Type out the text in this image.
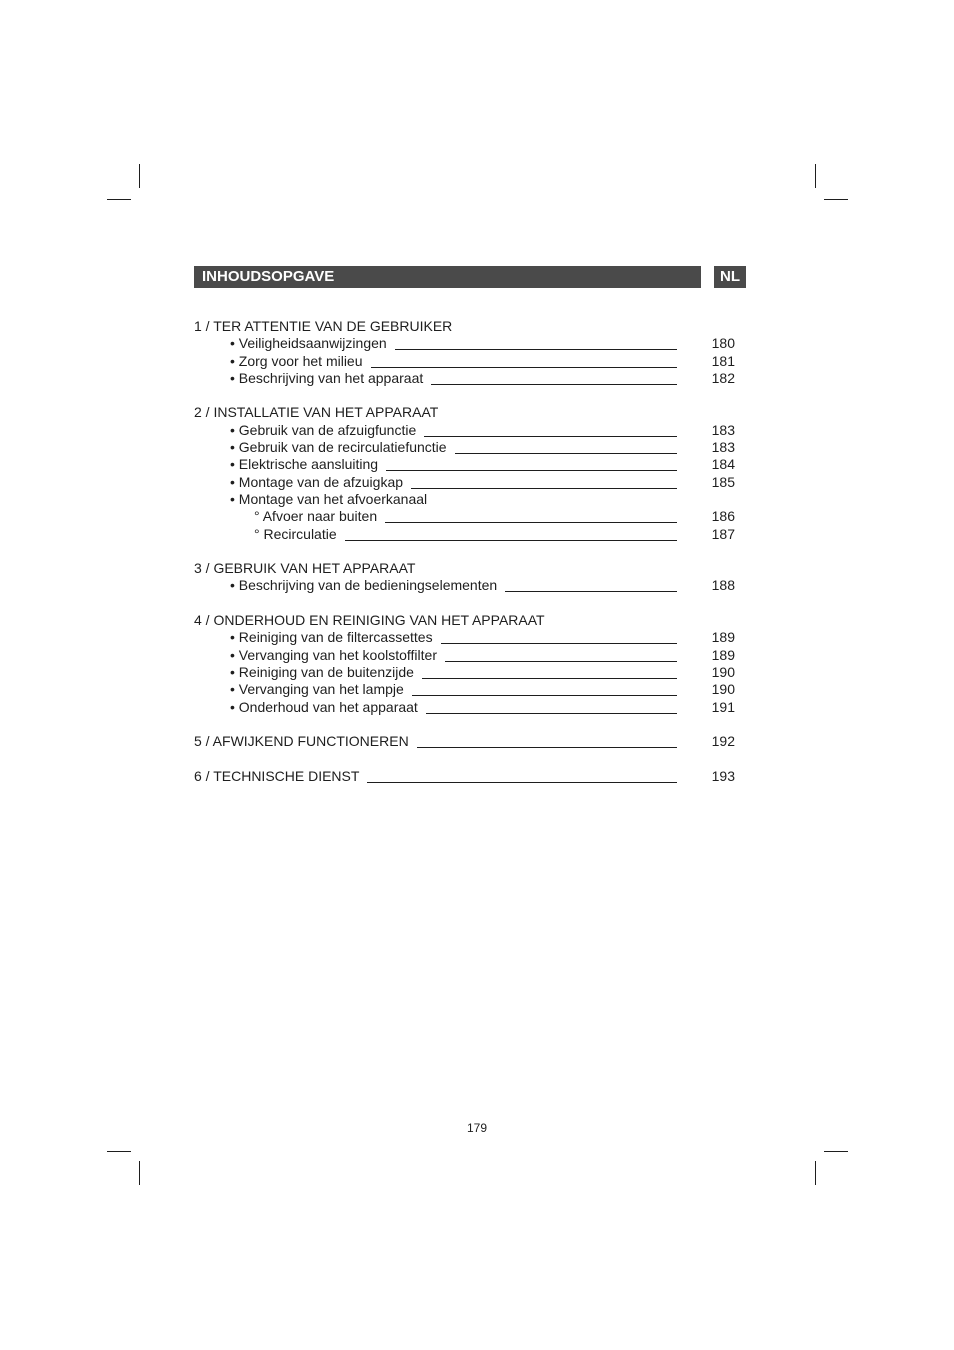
INHOUDSOPGAVE	NL
1 / TER ATTENTIE VAN DE GEBRUIKER
• Veiligheidsaanwijzingen	180
• Zorg voor het milieu	181
• Beschrijving van het apparaat	182
2 / INSTALLATIE VAN HET APPARAAT
• Gebruik van de afzuigfunctie	183
• Gebruik van de recirculatiefunctie	183
• Elektrische aansluiting	184
• Montage van de afzuigkap	185
• Montage van het afvoerkanaal
° Afvoer naar buiten	186
° Recirculatie	187
3 / GEBRUIK VAN HET APPARAAT
• Beschrijving van de bedieningselementen	188
4 / ONDERHOUD EN REINIGING VAN HET APPARAAT
• Reiniging van de filtercassettes	189
• Vervanging van het koolstoffilter	189
• Reiniging van de buitenzijde	190
• Vervanging van het lampje	190
• Onderhoud van het apparaat	191
5 / AFWIJKEND FUNCTIONEREN	192
6 / TECHNISCHE DIENST	193
179
